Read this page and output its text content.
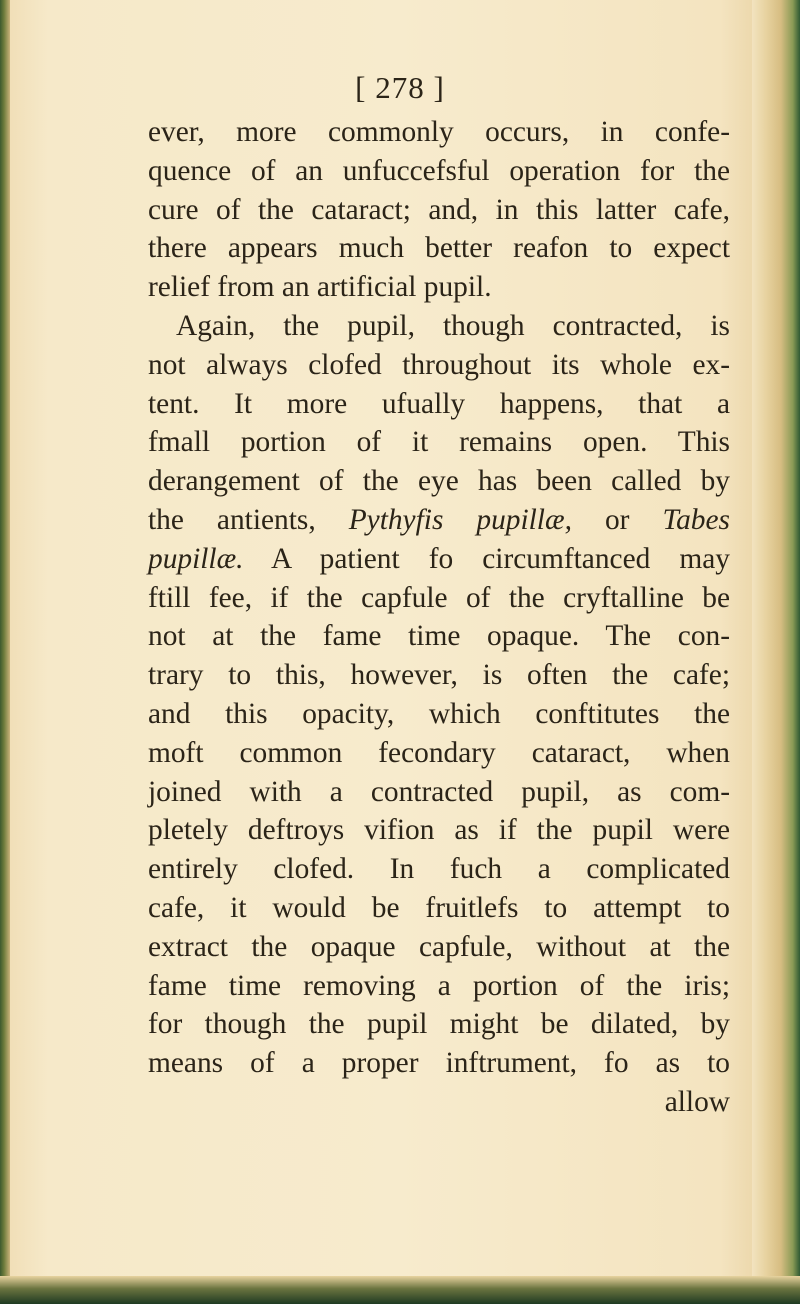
[ 278 ]
ever, more commonly occurs, in confe-
quence of an unfuccefsful operation for the
cure of the cataract; and, in this latter cafe,
there appears much better reafon to expect
relief from an artificial pupil.
Again, the pupil, though contracted, is
not always clofed throughout its whole ex-
tent. It more ufually happens, that a
fmall portion of it remains open. This
derangement of the eye has been called by
the antients, Pythyfis pupillæ, or Tabes
pupillæ. A patient fo circumftanced may
ftill fee, if the capfule of the cryftalline be
not at the fame time opaque. The con-
trary to this, however, is often the cafe;
and this opacity, which conftitutes the
moft common fecondary cataract, when
joined with a contracted pupil, as com-
pletely deftroys vifion as if the pupil were
entirely clofed. In fuch a complicated
cafe, it would be fruitlefs to attempt to
extract the opaque capfule, without at the
fame time removing a portion of the iris;
for though the pupil might be dilated, by
means of a proper inftrument, fo as to
allow
